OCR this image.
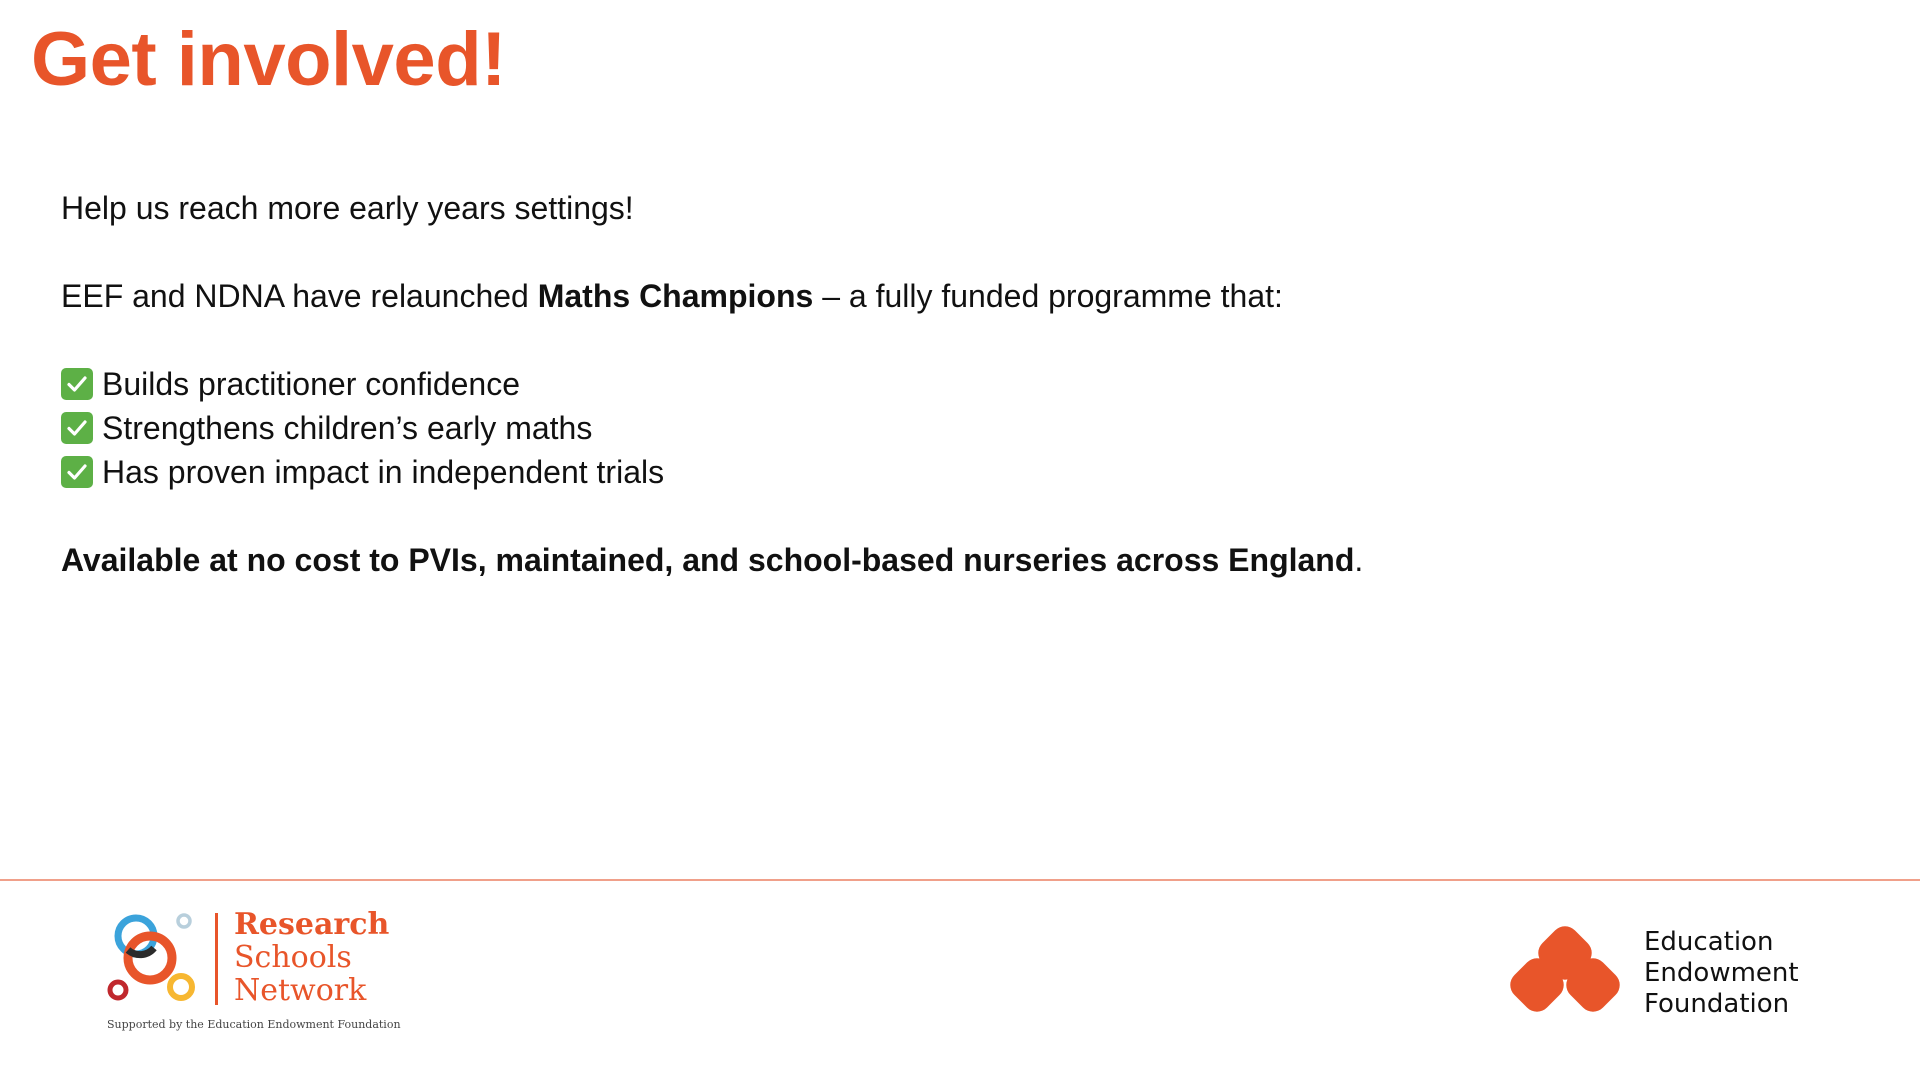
Get involved!

Help us reach more early years settings!

EEF and NDNA have relaunched Maths Champions – a fully funded programme that:

Builds practitioner confidence
Strengthens children’s early maths
Has proven impact in independent trials

Available at no cost to PVIs, maintained, and school-based nurseries across England.

Research
Schools
Network
Supported by the Education Endowment Foundation
Education
Endowment
Foundation
